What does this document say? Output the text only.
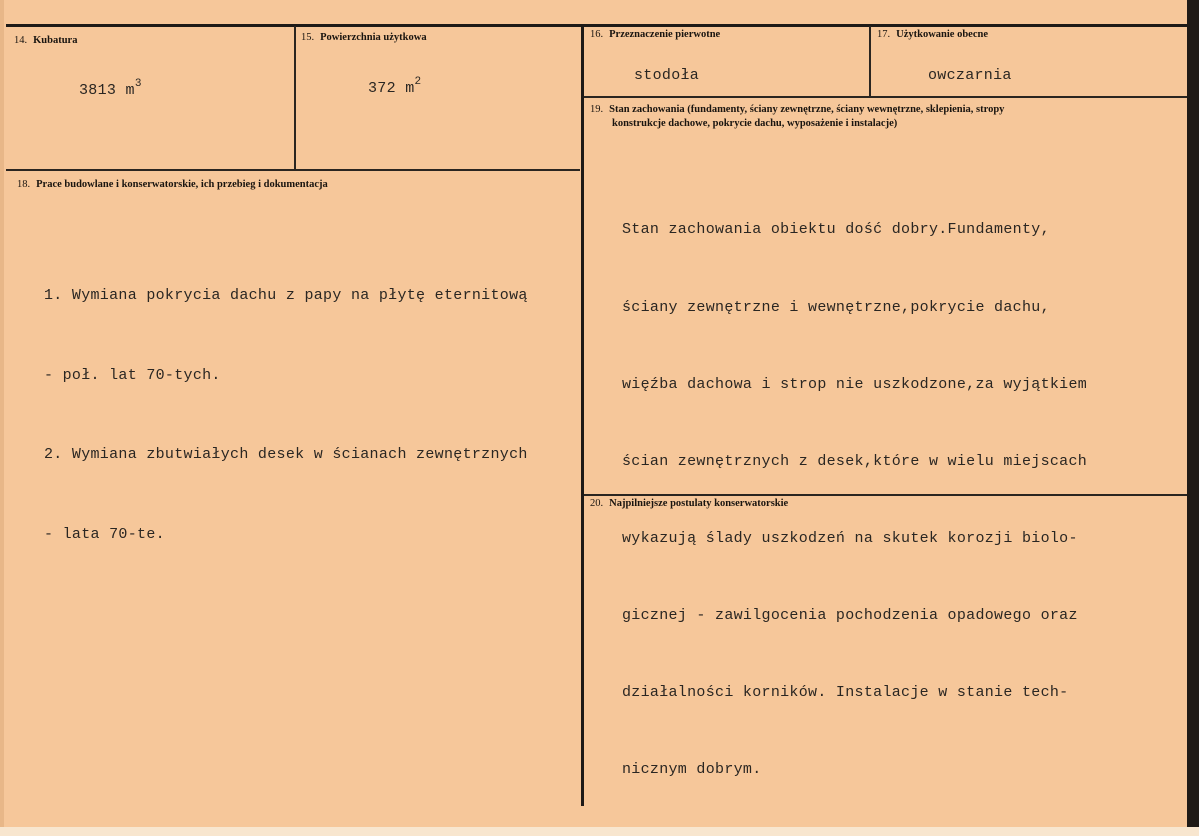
14. Kubatura
3813 $m^3$
15. Powierzchnia użytkowa
372 $m^2$
16. Przeznaczenie pierwotne
stodoła
17. Użytkowanie obecne
owczarnia
18. Prace budowlane i konserwatorskie, ich przebieg i dokumentacja

1. Wymiana pokrycia dachu z papy na płytę eternitową

- poł. lat 70-tych.

2. Wymiana zbutwiałych desek w ścianach zewnętrznych

- lata 70-te.

19. Stan zachowania (fundamenty, ściany zewnętrzne, ściany wewnętrzne, sklepienia, stropy
konstrukcje dachowe, pokrycie dachu, wyposażenie i instalacje)

Stan zachowania obiektu dość dobry.Fundamenty,

ściany zewnętrzne i wewnętrzne,pokrycie dachu,

więźba dachowa i strop nie uszkodzone,za wyjątkiem

ścian zewnętrznych z desek,które w wielu miejscach

wykazują ślady uszkodzeń na skutek korozji biolo-

gicznej - zawilgocenia pochodzenia opadowego oraz

działalności korników. Instalacje w stanie tech-

nicznym dobrym.

20. Najpilniejsze postulaty konserwatorskie
